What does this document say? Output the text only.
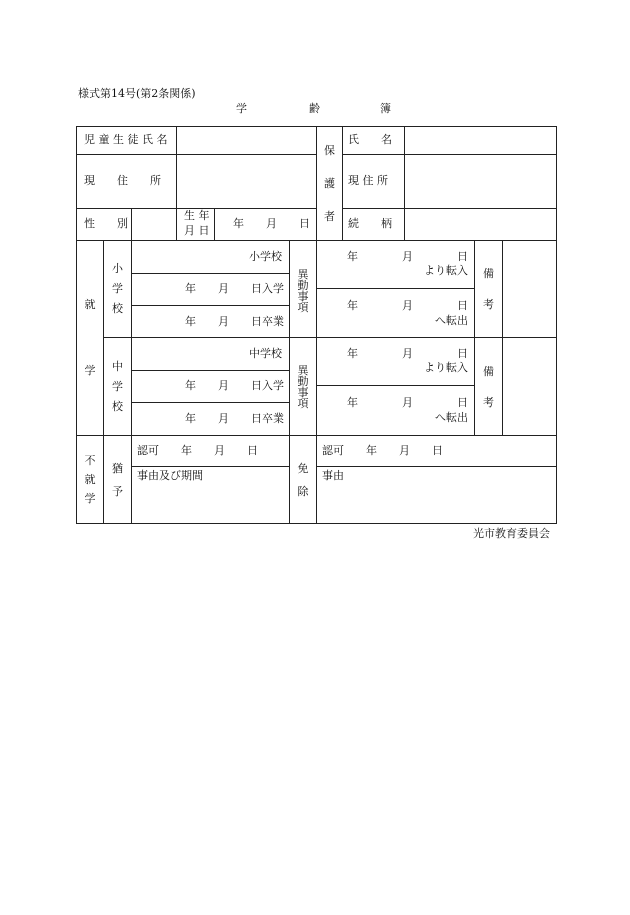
様式第14号(第2条関係)
学	齢	簿
児 童 生 徒 氏 名
現　　住　　所
性　　別
生 年
月 日
年　　月　　日
保
護
者
氏　　名
現 住 所
続　　柄
就
学
小
学
校
小学校
年　　月　　日入学
年　　月　　日卒業
異
動
事
項
年　　　　月　　　　日
より転入
年　　　　月　　　　日
へ転出
備
考
中
学
校
中学校
年　　月　　日入学
年　　月　　日卒業
異
動
事
項
年　　　　月　　　　日
より転入
年　　　　月　　　　日
へ転出
備
考
不
就
学
猶
予
認可　　年　　月　　日
事由及び期間
免
除
認可　　年　　月　　日
事由
光市教育委員会
